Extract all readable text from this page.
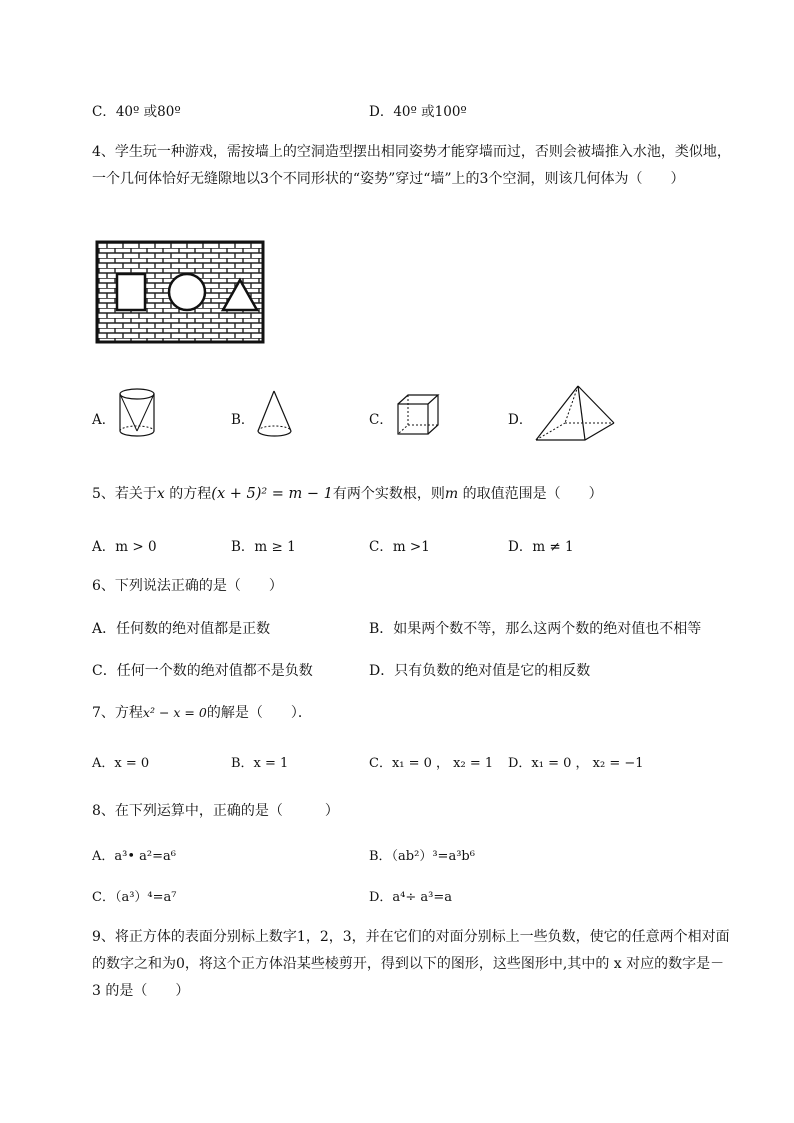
C．40º 或80º	D．40º 或100º
4、学生玩一种游戏，需按墙上的空洞造型摆出相同姿势才能穿墙而过，否则会被墙推入水池，类似地，一个几何体恰好无缝隙地以3个不同形状的“姿势”穿过“墙”上的3个空洞，则该几何体为（　　）
A．	B．	C．	D．
5、若关于x 的方程(x + 5)² = m − 1有两个实数根，则m 的取值范围是（　　）
A．m > 0	B．m ≥ 1	C．m >1	D．m ≠ 1
6、下列说法正确的是（　　）
A．任何数的绝对值都是正数	B．如果两个数不等，那么这两个数的绝对值也不相等
C．任何一个数的绝对值都不是负数	D．只有负数的绝对值是它的相反数
7、方程x² − x = 0的解是（　　）．
A．x = 0	B．x = 1	C．x₁ = 0 ， x₂ = 1 D．x₁ = 0 ， x₂ = −1
8、在下列运算中，正确的是（　　　）
A．a³• a²=a⁶	B．（ab²）³=a³b⁶
C．（a³）⁴=a⁷	D．a⁴÷ a³=a
9、将正方体的表面分别标上数字1，2，3，并在它们的对面分别标上一些负数，使它的任意两个相对面的数字之和为0，将这个正方体沿某些棱剪开，得到以下的图形，这些图形中,其中的 x 对应的数字是－3 的是（　　）
